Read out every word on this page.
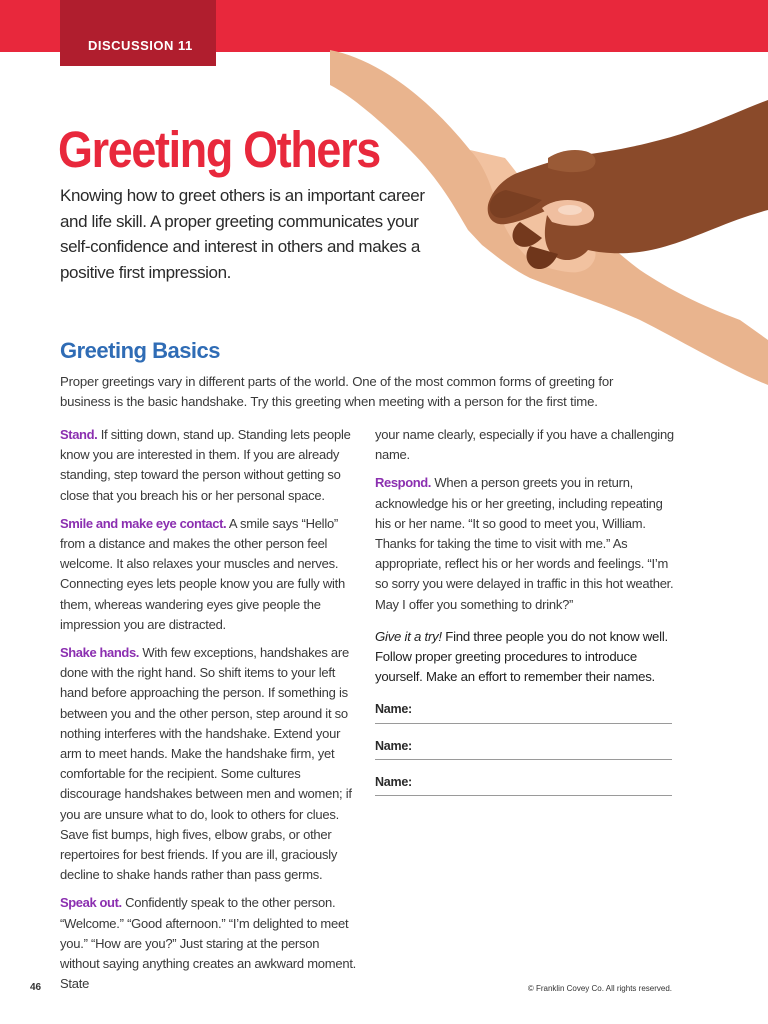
DISCUSSION 11
Greeting Others
Knowing how to greet others is an important career and life skill. A proper greeting communicates your self-confidence and interest in others and makes a positive first impression.
Greeting Basics
Proper greetings vary in different parts of the world. One of the most common forms of greeting for business is the basic handshake. Try this greeting when meeting with a person for the first time.

Stand. If sitting down, stand up. Standing lets people know you are interested in them. If you are already standing, step toward the person without getting so close that you breach his or her personal space.

Smile and make eye contact. A smile says “Hello” from a distance and makes the other person feel welcome. It also relaxes your muscles and nerves. Connecting eyes lets people know you are fully with them, whereas wandering eyes give people the impression you are distracted.

Shake hands. With few exceptions, handshakes are done with the right hand. So shift items to your left hand before approaching the person. If something is between you and the other person, step around it so nothing interferes with the handshake. Extend your arm to meet hands. Make the handshake firm, yet comfortable for the recipient. Some cultures discourage handshakes between men and women; if you are unsure what to do, look to others for clues. Save fist bumps, high fives, elbow grabs, or other repertoires for best friends. If you are ill, graciously decline to shake hands rather than pass germs.

Speak out. Confidently speak to the other person. “Welcome.” “Good afternoon.” “I’m delighted to meet you.” “How are you?” Just staring at the person without saying anything creates an awkward moment. State

your name clearly, especially if you have a challenging name.

Respond. When a person greets you in return, acknowledge his or her greeting, including repeating his or her name. “It so good to meet you, William. Thanks for taking the time to visit with me.” As appropriate, reflect his or her words and feelings. “I’m so sorry you were delayed in traffic in this hot weather. May I offer you something to drink?”

Give it a try! Find three people you do not know well. Follow proper greeting procedures to introduce yourself. Make an effort to remember their names.
Name:
Name:
Name:
46	© Franklin Covey Co. All rights reserved.
